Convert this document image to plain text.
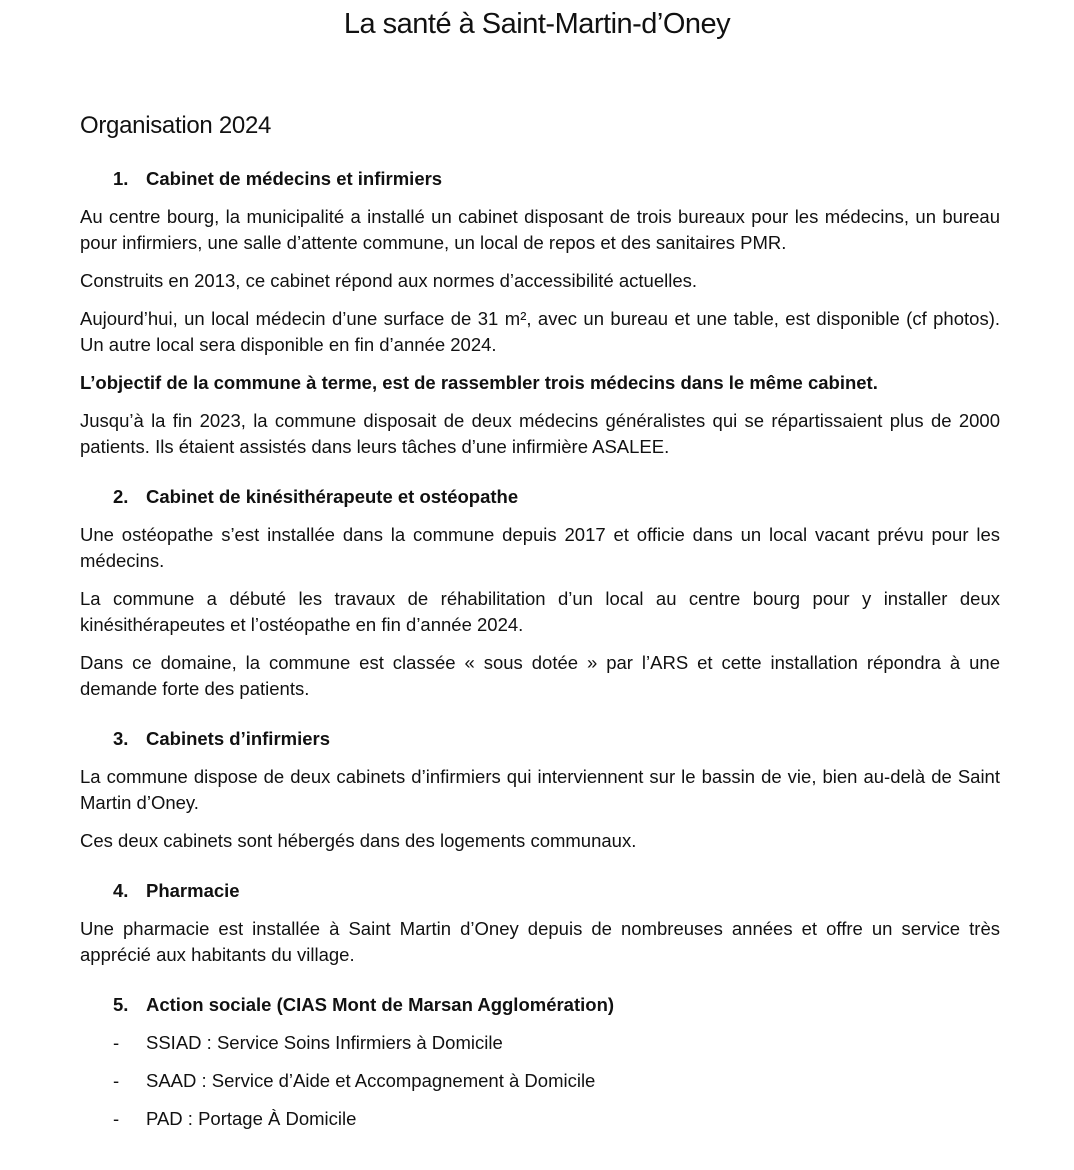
La santé à Saint-Martin-d’Oney
Organisation 2024
1. Cabinet de médecins et infirmiers

Au centre bourg, la municipalité a installé un cabinet disposant de trois bureaux pour les médecins, un bureau pour infirmiers, une salle d’attente commune, un local de repos et des sanitaires PMR.

Construits en 2013, ce cabinet répond aux normes d’accessibilité actuelles.

Aujourd’hui, un local médecin d’une surface de 31 m², avec un bureau et une table, est disponible (cf photos). Un autre local sera disponible en fin d’année 2024.

L’objectif de la commune à terme, est de rassembler trois médecins dans le même cabinet.

Jusqu’à la fin 2023, la commune disposait de deux médecins généralistes qui se répartissaient plus de 2000 patients. Ils étaient assistés dans leurs tâches d’une infirmière ASALEE.

2. Cabinet de kinésithérapeute et ostéopathe

Une ostéopathe s’est installée dans la commune depuis 2017 et officie dans un local vacant prévu pour les médecins.

La commune a débuté les travaux de réhabilitation d’un local au centre bourg pour y installer deux kinésithérapeutes et l’ostéopathe en fin d’année 2024.

Dans ce domaine, la commune est classée « sous dotée » par l’ARS et cette installation répondra à une demande forte des patients.

3. Cabinets d’infirmiers

La commune dispose de deux cabinets d’infirmiers qui interviennent sur le bassin de vie, bien au-delà de Saint Martin d’Oney.

Ces deux cabinets sont hébergés dans des logements communaux.

4. Pharmacie

Une pharmacie est installée à Saint Martin d’Oney depuis de nombreuses années et offre un service très apprécié aux habitants du village.

5. Action sociale (CIAS Mont de Marsan Agglomération)
-	SSIAD : Service Soins Infirmiers à Domicile
-	SAAD : Service d’Aide et Accompagnement à Domicile
-	PAD : Portage À Domicile
